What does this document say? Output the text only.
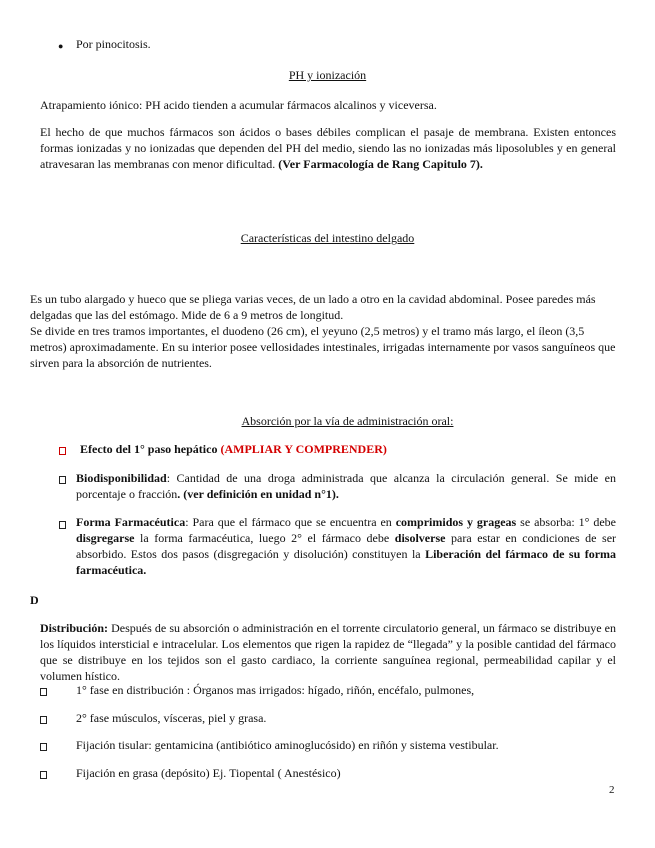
● Por pinocitosis.
PH y ionización
Atrapamiento iónico: PH acido tienden a acumular fármacos alcalinos y viceversa.
El hecho de que muchos fármacos son ácidos o bases débiles complican el pasaje de membrana. Existen entonces formas ionizadas y no ionizadas que dependen del PH del medio, siendo las no ionizadas más liposolubles y en general atravesaran las membranas con menor dificultad. (Ver Farmacología de Rang Capitulo 7).
Características del intestino delgado
Es un tubo alargado y hueco que se pliega varias veces, de un lado a otro en la cavidad abdominal. Posee paredes más delgadas que las del estómago. Mide de 6 a 9 metros de longitud.
Se divide en tres tramos importantes, el duodeno (26 cm), el yeyuno (2,5 metros) y el tramo más largo, el íleon (3,5 metros) aproximadamente. En su interior posee vellosidades intestinales, irrigadas internamente por vasos sanguíneos que sirven para la absorción de nutrientes.
Absorción por la vía de administración oral:
Efecto del 1° paso hepático (AMPLIAR Y COMPRENDER)
Biodisponibilidad: Cantidad de una droga administrada que alcanza la circulación general. Se mide en porcentaje o fracción. (ver definición en unidad n°1).
Forma Farmacéutica: Para que el fármaco que se encuentra en comprimidos y grageas se absorba: 1° debe disgregarse la forma farmacéutica, luego 2° el fármaco debe disolverse para estar en condiciones de ser absorbido. Estos dos pasos (disgregación y disolución) constituyen la Liberación del fármaco de su forma farmacéutica.
D
Distribución: Después de su absorción o administración en el torrente circulatorio general, un fármaco se distribuye en los líquidos intersticial e intracelular. Los elementos que rigen la rapidez de “llegada” y la posible cantidad del fármaco que se distribuye en los tejidos son el gasto cardiaco, la corriente sanguínea regional, permeabilidad capilar y el volumen hístico.
1° fase en distribución : Órganos mas irrigados: hígado, riñón, encéfalo, pulmones,
2° fase músculos, vísceras, piel y grasa.
Fijación tisular: gentamicina (antibiótico aminoglucósido) en riñón y sistema vestibular.
Fijación en grasa (depósito) Ej. Tiopental ( Anestésico)
2
